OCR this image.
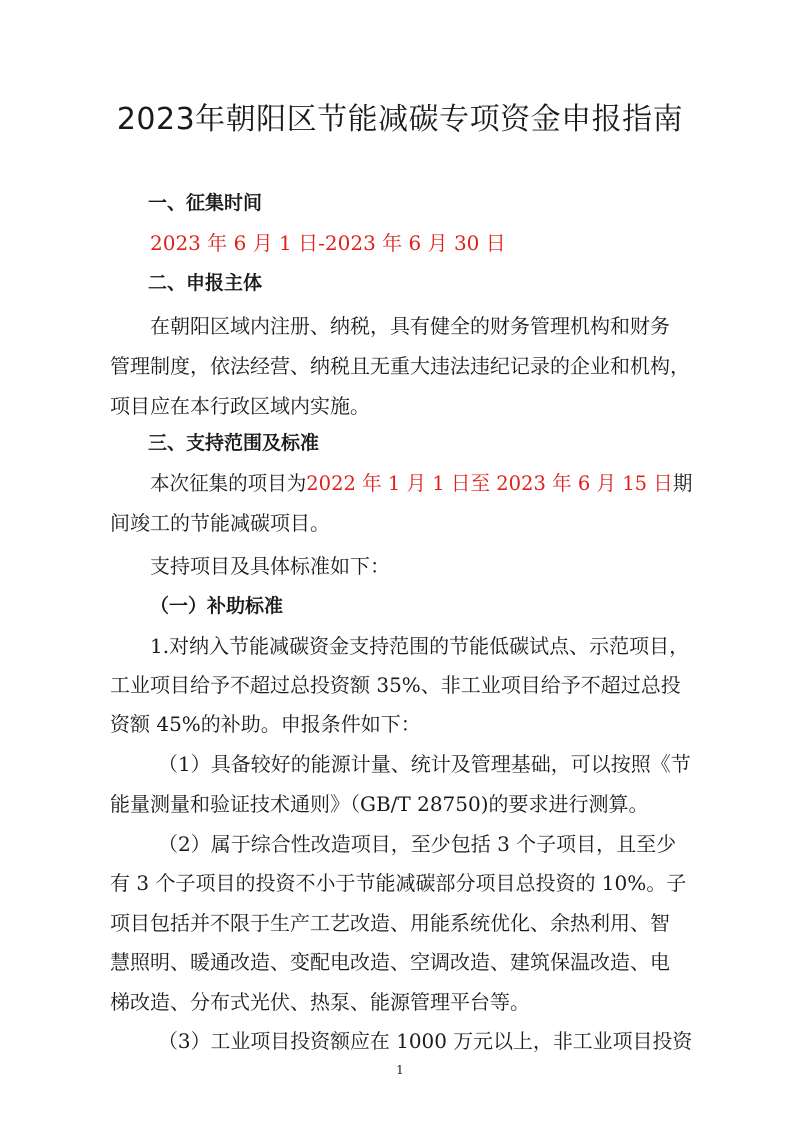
2023年朝阳区节能减碳专项资金申报指南
一、征集时间
2023 年 6 月 1 日-2023 年 6 月 30 日
二、申报主体
在朝阳区域内注册、纳税，具有健全的财务管理机构和财务
管理制度，依法经营、纳税且无重大违法违纪记录的企业和机构，
项目应在本行政区域内实施。
三、支持范围及标准
本次征集的项目为2022 年 1 月 1 日至 2023 年 6 月 15 日期
间竣工的节能减碳项目。
支持项目及具体标准如下：
（一）补助标准
1.对纳入节能减碳资金支持范围的节能低碳试点、示范项目，
工业项目给予不超过总投资额 35%、非工业项目给予不超过总投
资额 45%的补助。申报条件如下：
（1）具备较好的能源计量、统计及管理基础，可以按照《节
能量测量和验证技术通则》（GB/T 28750)的要求进行测算。
（2）属于综合性改造项目，至少包括 3 个子项目，且至少
有 3 个子项目的投资不小于节能减碳部分项目总投资的 10%。子
项目包括并不限于生产工艺改造、用能系统优化、余热利用、智
慧照明、暖通改造、变配电改造、空调改造、建筑保温改造、电
梯改造、分布式光伏、热泵、能源管理平台等。
（3）工业项目投资额应在 1000 万元以上，非工业项目投资
1
